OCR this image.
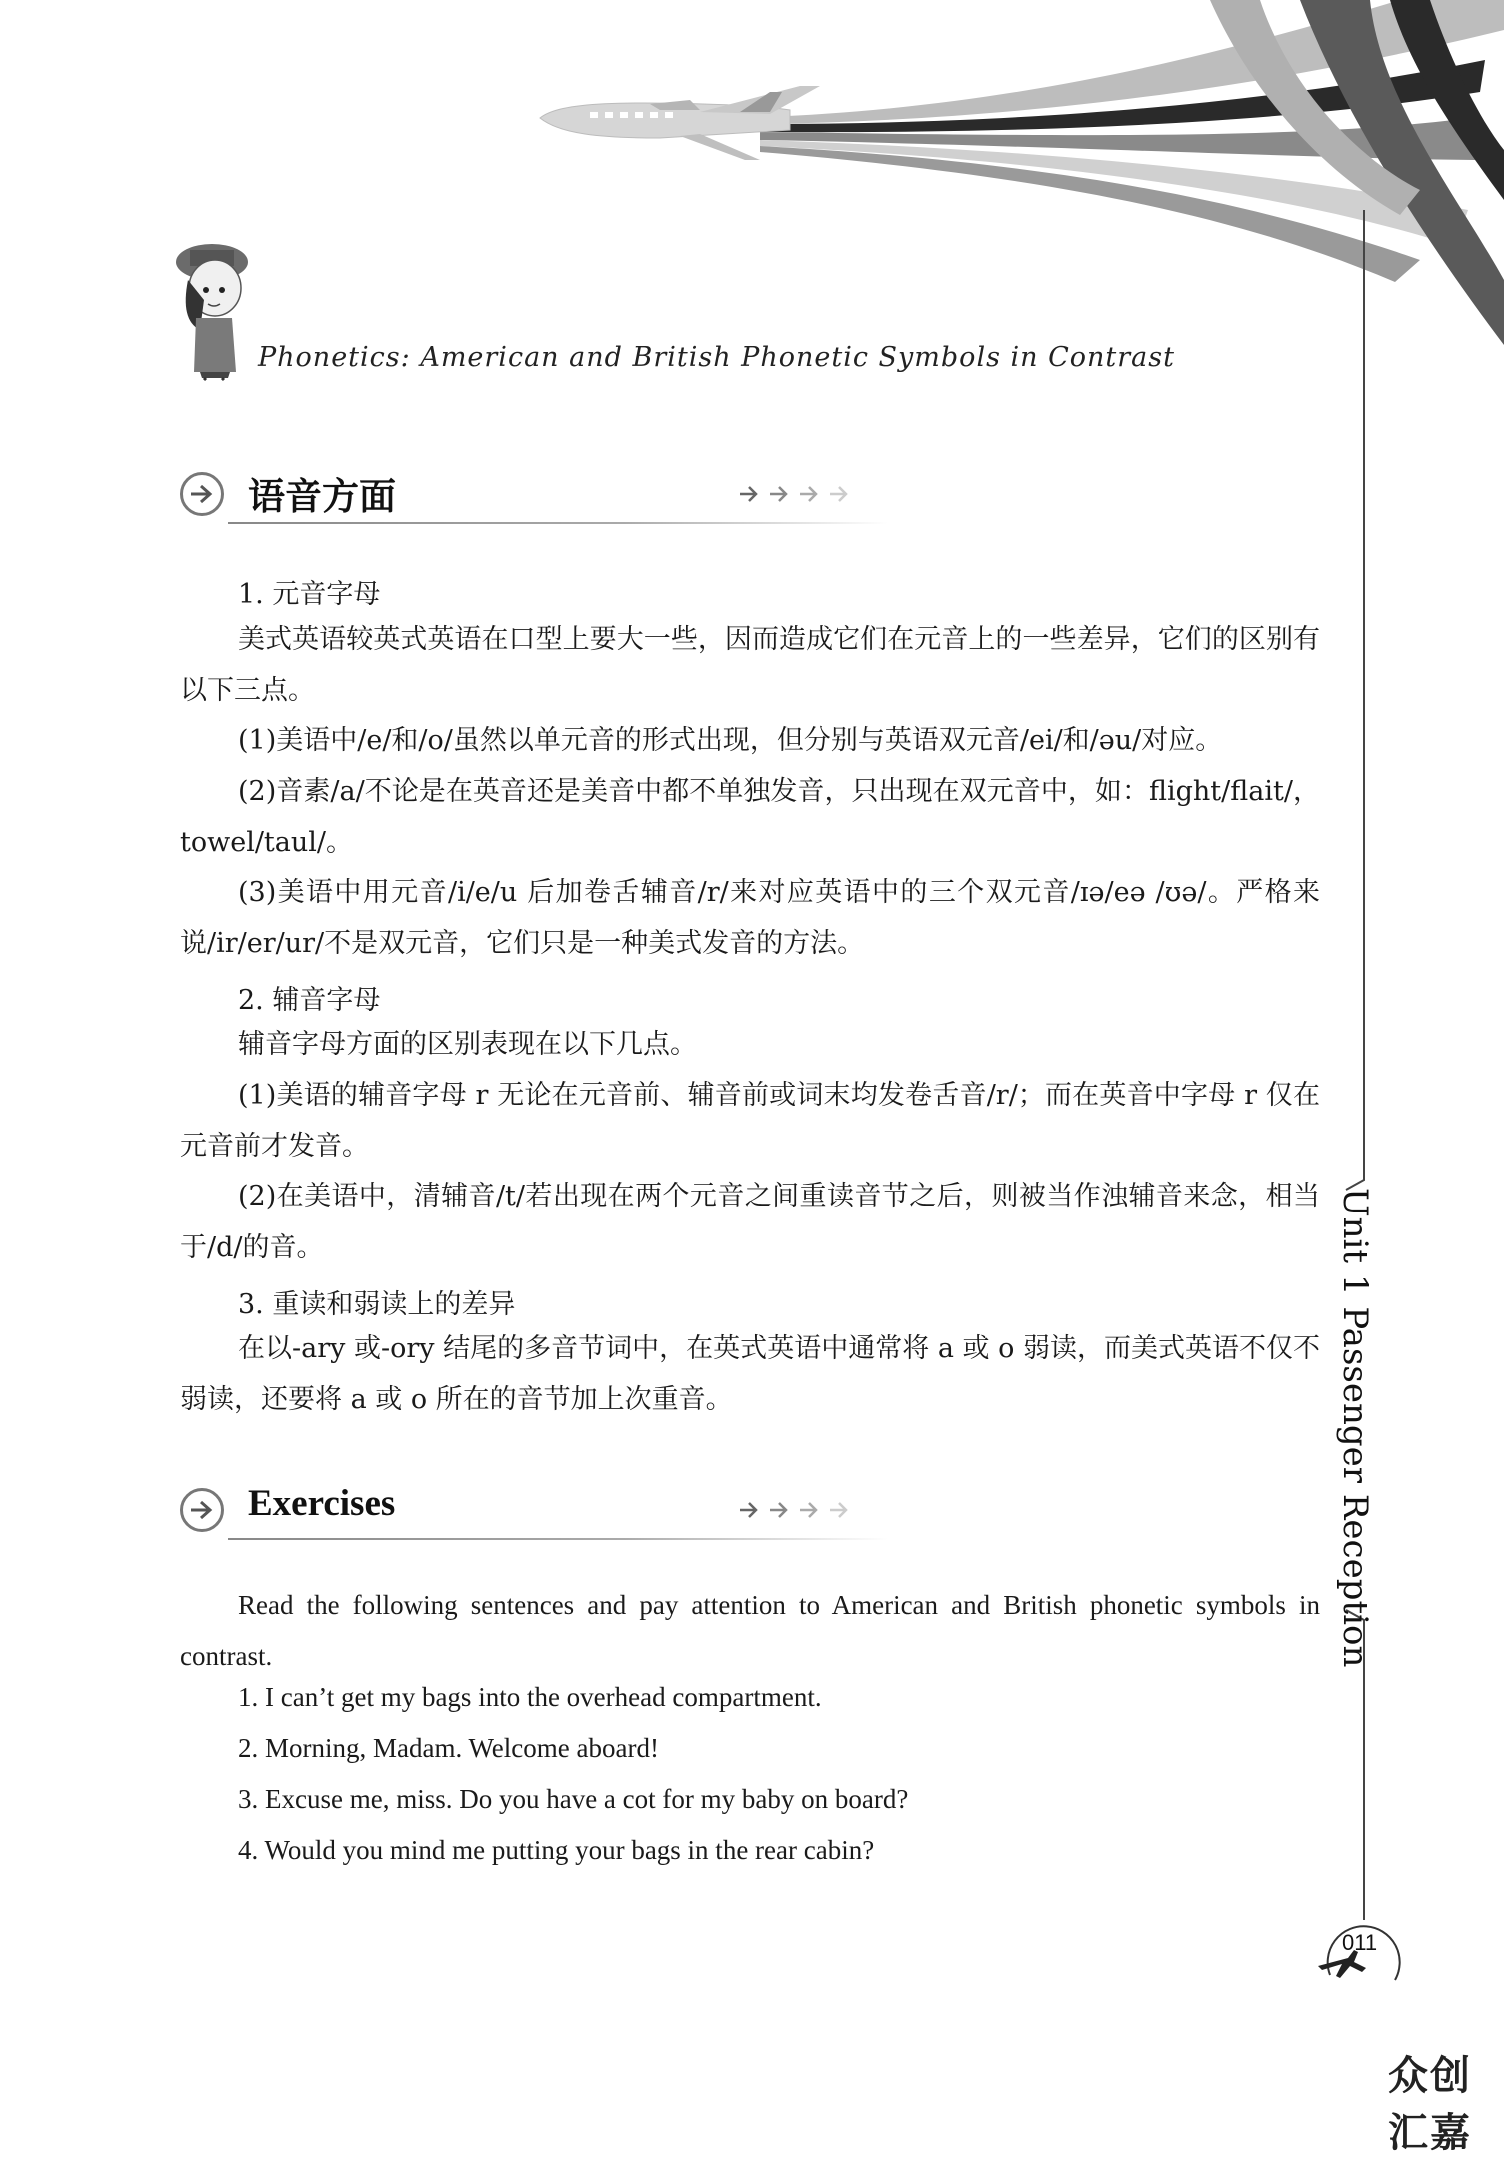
Phonetics: American and British Phonetic Symbols in Contrast
语音方面
1. 元音字母
美式英语较英式英语在口型上要大一些，因而造成它们在元音上的一些差异，它们的区别有以下三点。
(1)美语中/e/和/o/虽然以单元音的形式出现，但分别与英语双元音/ei/和/əu/对应。
(2)音素/a/不论是在英音还是美音中都不单独发音，只出现在双元音中，如：flight/flait/，towel/taul/。
(3)美语中用元音/i/e/u 后加卷舌辅音/r/来对应英语中的三个双元音/ɪə/eə /ʊə/。严格来说/ir/er/ur/不是双元音，它们只是一种美式发音的方法。
2. 辅音字母
辅音字母方面的区别表现在以下几点。
(1)美语的辅音字母 r 无论在元音前、辅音前或词末均发卷舌音/r/；而在英音中字母 r 仅在元音前才发音。
(2)在美语中，清辅音/t/若出现在两个元音之间重读音节之后，则被当作浊辅音来念，相当于/d/的音。
3. 重读和弱读上的差异
在以-ary 或-ory 结尾的多音节词中，在英式英语中通常将 a 或 o 弱读，而美式英语不仅不弱读，还要将 a 或 o 所在的音节加上次重音。
Exercises
Read the following sentences and pay attention to American and British phonetic symbols in contrast.
1. I can’t get my bags into the overhead compartment.
2. Morning, Madam. Welcome aboard!
3. Excuse me, miss. Do you have a cot for my baby on board?
4. Would you mind me putting your bags in the rear cabin?
Unit 1 Passenger Reception
011
众创汇嘉
